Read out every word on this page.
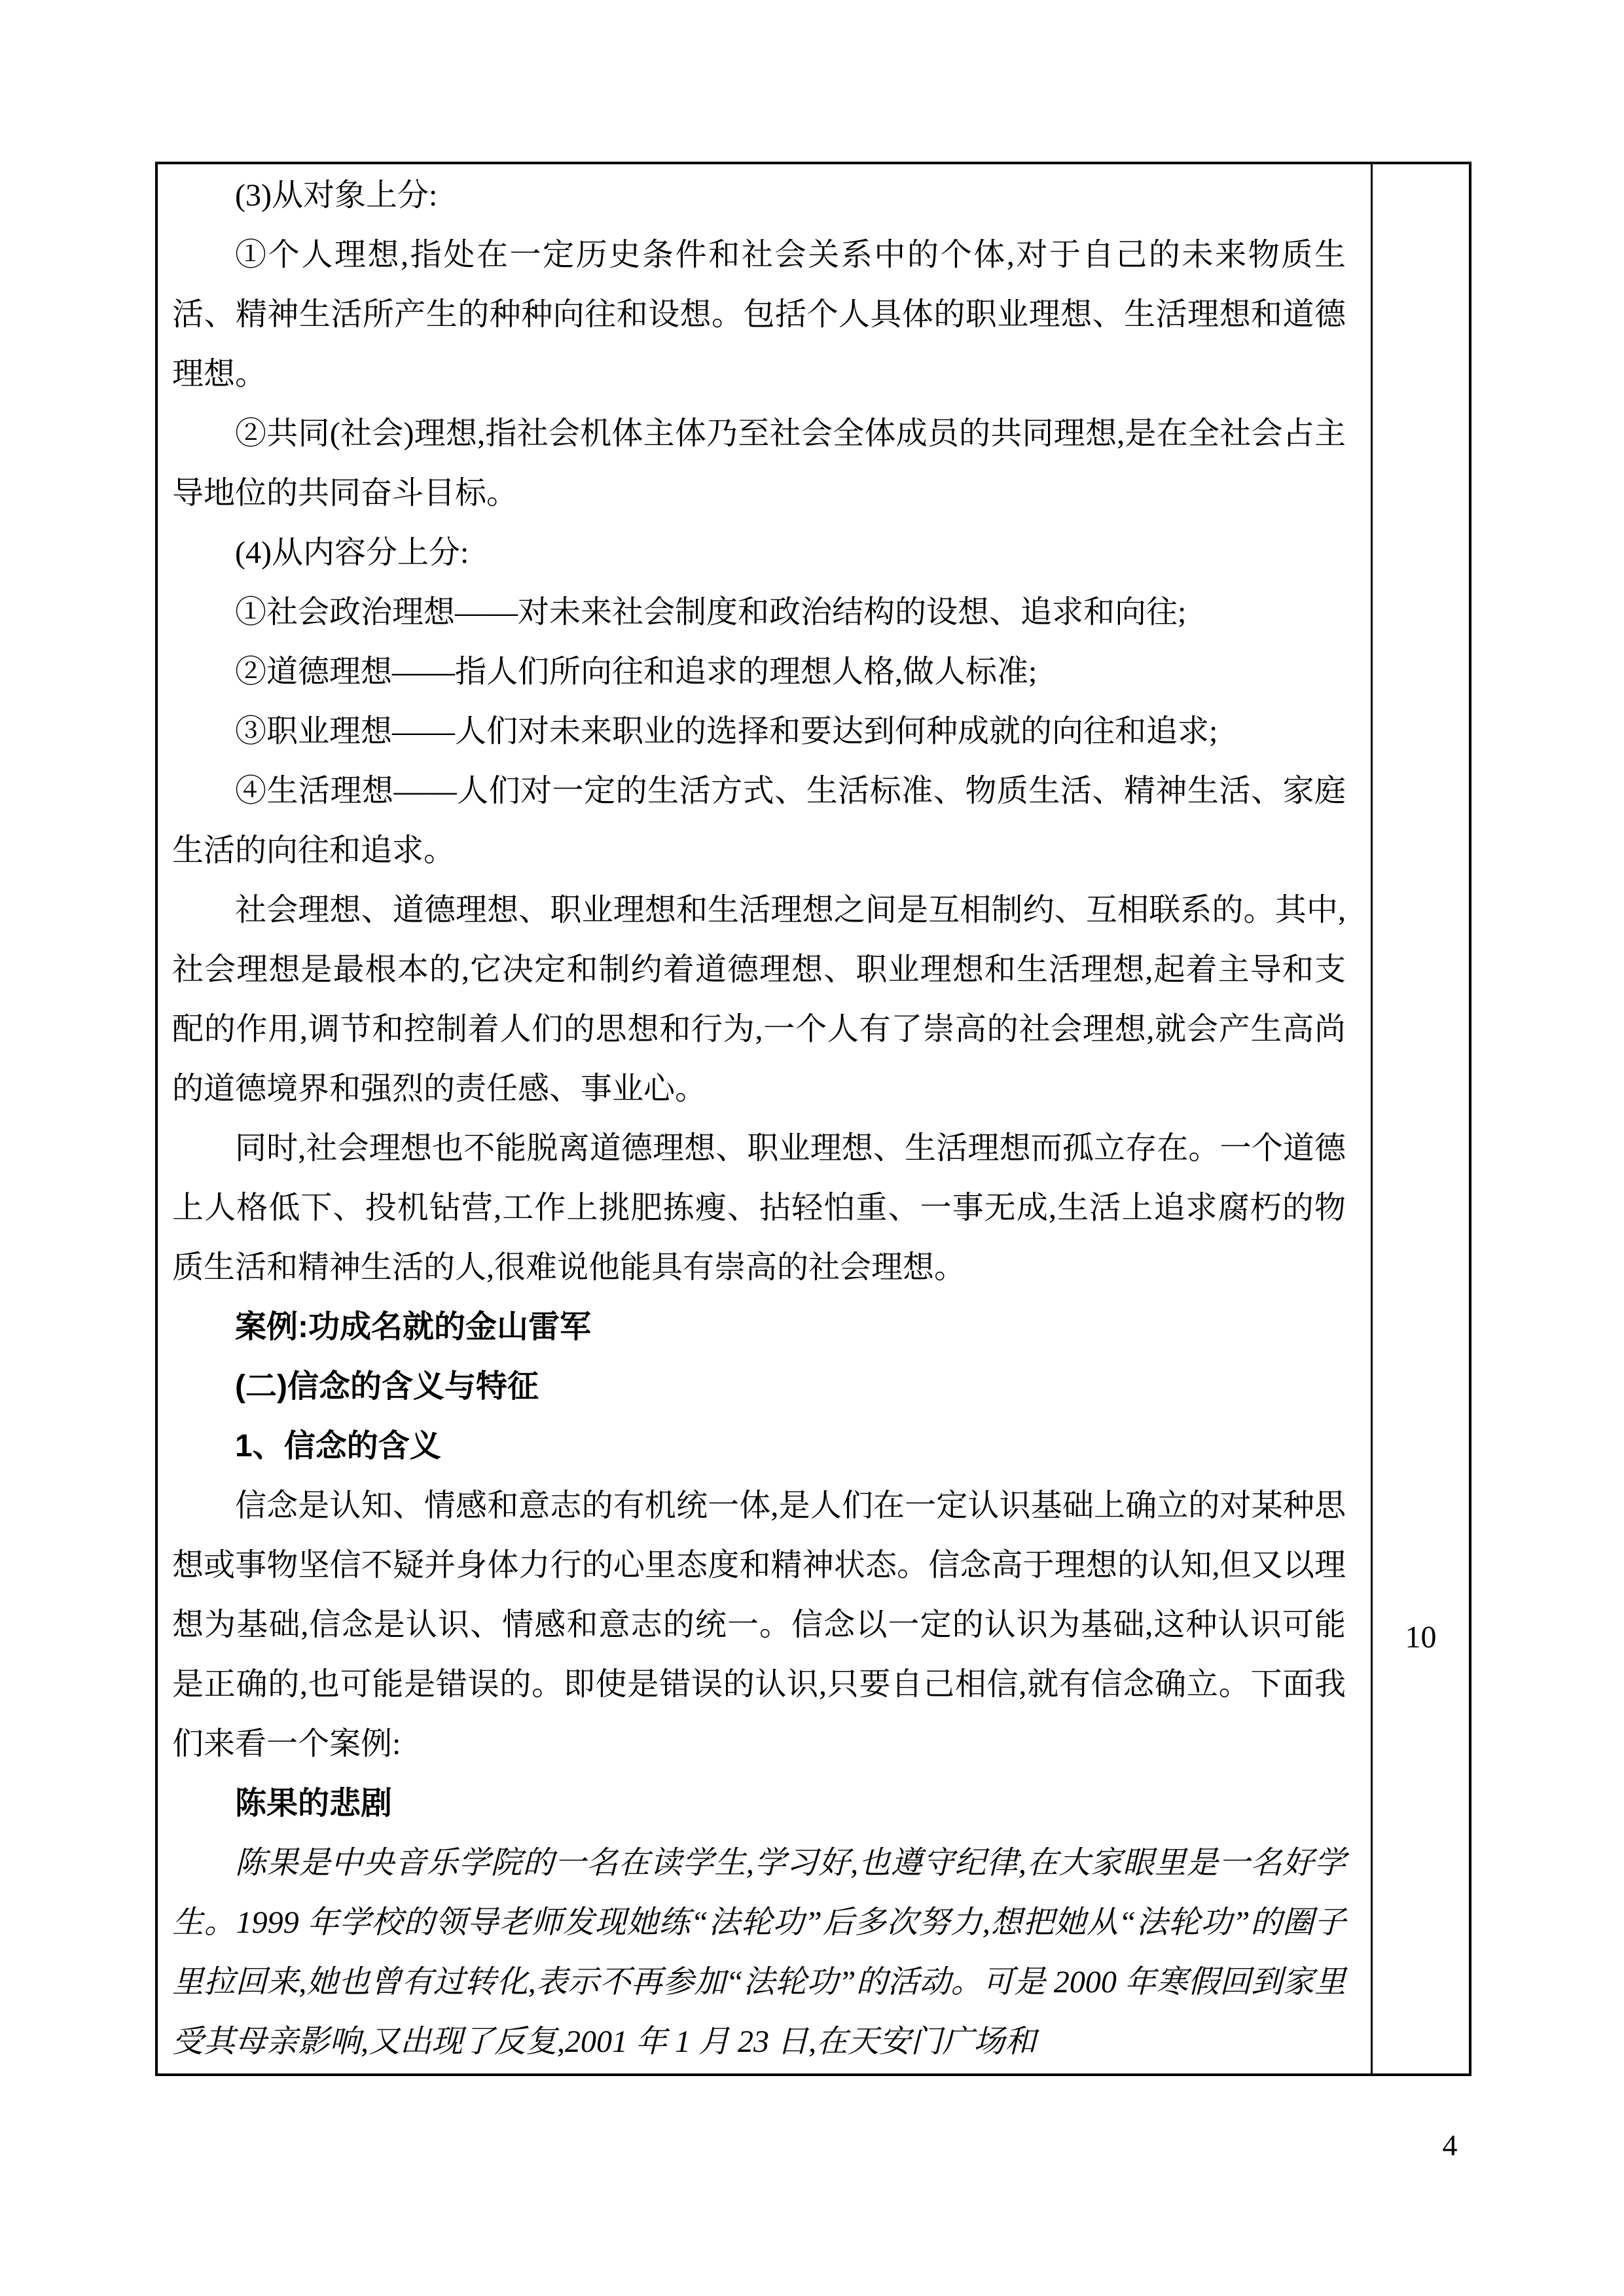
(3)从对象上分:

①个人理想,指处在一定历史条件和社会关系中的个体,对于自己的未来物质生活、精神生活所产生的种种向往和设想。包括个人具体的职业理想、生活理想和道德理想。

②共同(社会)理想,指社会机体主体乃至社会全体成员的共同理想,是在全社会占主导地位的共同奋斗目标。

(4)从内容分上分:

①社会政治理想——对未来社会制度和政治结构的设想、追求和向往;

②道德理想——指人们所向往和追求的理想人格,做人标准;

③职业理想——人们对未来职业的选择和要达到何种成就的向往和追求;

④生活理想——人们对一定的生活方式、生活标准、物质生活、精神生活、家庭生活的向往和追求。

社会理想、道德理想、职业理想和生活理想之间是互相制约、互相联系的。其中,社会理想是最根本的,它决定和制约着道德理想、职业理想和生活理想,起着主导和支配的作用,调节和控制着人们的思想和行为,一个人有了崇高的社会理想,就会产生高尚的道德境界和强烈的责任感、事业心。

同时,社会理想也不能脱离道德理想、职业理想、生活理想而孤立存在。一个道德上人格低下、投机钻营,工作上挑肥拣瘦、拈轻怕重、一事无成,生活上追求腐朽的物质生活和精神生活的人,很难说他能具有崇高的社会理想。

案例:功成名就的金山雷军

(二)信念的含义与特征

1、信念的含义

信念是认知、情感和意志的有机统一体,是人们在一定认识基础上确立的对某种思想或事物坚信不疑并身体力行的心里态度和精神状态。信念高于理想的认知,但又以理想为基础,信念是认识、情感和意志的统一。信念以一定的认识为基础,这种认识可能是正确的,也可能是错误的。即使是错误的认识,只要自己相信,就有信念确立。下面我们来看一个案例:

陈果的悲剧

陈果是中央音乐学院的一名在读学生,学习好,也遵守纪律,在大家眼里是一名好学生。1999 年学校的领导老师发现她练“法轮功”后多次努力,想把她从“法轮功”的圈子里拉回来,她也曾有过转化,表示不再参加“法轮功”的活动。可是 2000 年寒假回到家里受其母亲影响,又出现了反复,2001 年 1 月 23 日,在天安门广场和

10
4
